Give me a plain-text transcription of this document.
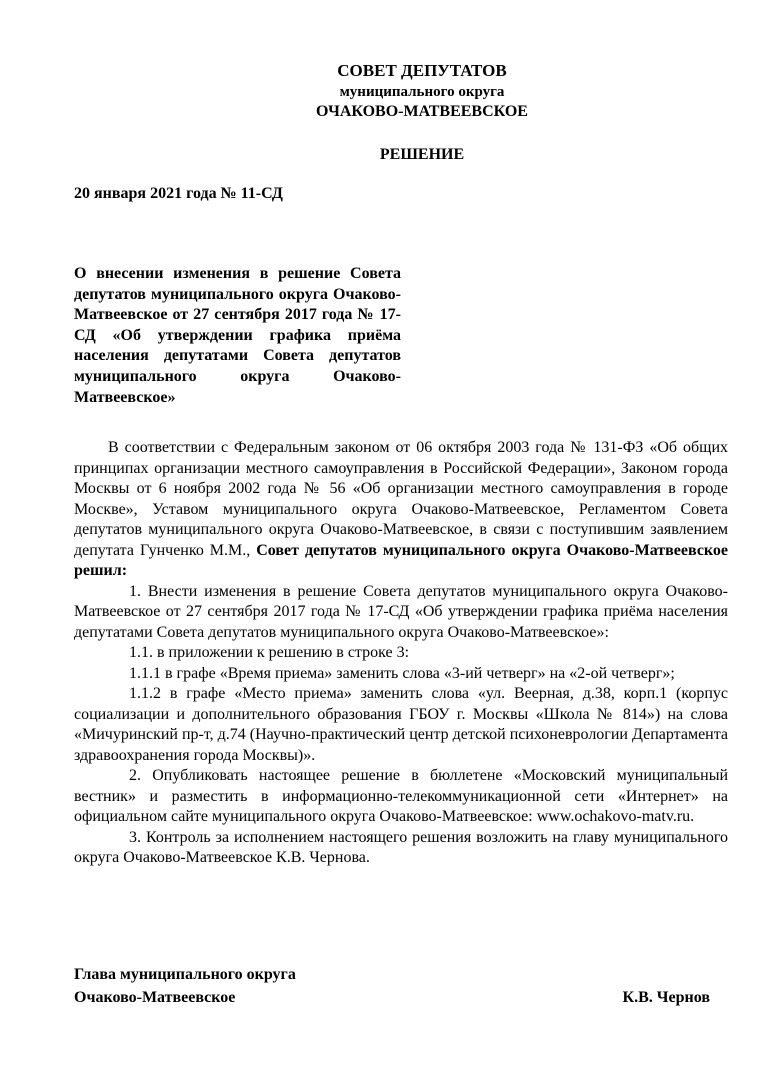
СОВЕТ ДЕПУТАТОВ

муниципального округа

ОЧАКОВО-МАТВЕЕВСКОЕ

РЕШЕНИЕ

20 января 2021 года № 11-СД

О внесении изменения в решение Совета депутатов муниципального округа Очаково-Матвеевское от 27 сентября 2017 года № 17-СД «Об утверждении графика приёма населения депутатами Совета депутатов муниципального округа Очаково-Матвеевское»

В соответствии с Федеральным законом от 06 октября 2003 года № 131-ФЗ «Об общих принципах организации местного самоуправления в Российской Федерации», Законом города Москвы от 6 ноября 2002 года № 56 «Об организации местного самоуправления в городе Москве», Уставом муниципального округа Очаково-Матвеевское, Регламентом Совета депутатов муниципального округа Очаково-Матвеевское, в связи с поступившим заявлением депутата Гунченко М.М., Совет депутатов муниципального округа Очаково-Матвеевское решил:

1. Внести изменения в решение Совета депутатов муниципального округа Очаково-Матвеевское от 27 сентября 2017 года № 17-СД «Об утверждении графика приёма населения депутатами Совета депутатов муниципального округа Очаково-Матвеевское»:

1.1. в приложении к решению в строке 3:

1.1.1 в графе «Время приема» заменить слова «3-ий четверг» на «2-ой четверг»;

1.1.2 в графе «Место приема» заменить слова «ул. Веерная, д.38, корп.1 (корпус социализации и дополнительного образования ГБОУ г. Москвы «Школа № 814») на слова «Мичуринский пр-т, д.74 (Научно-практический центр детской психоневрологии Департамента здравоохранения города Москвы)».

2. Опубликовать настоящее решение в бюллетене «Московский муниципальный вестник» и разместить в информационно-телекоммуникационной сети «Интернет» на официальном сайте муниципального округа Очаково-Матвеевское: www.ochakovo-matv.ru.

3. Контроль за исполнением настоящего решения возложить на главу муниципального округа Очаково-Матвеевское К.В. Чернова.

Глава муниципального округа
Очаково-Матвеевское	К.В. Чернов
